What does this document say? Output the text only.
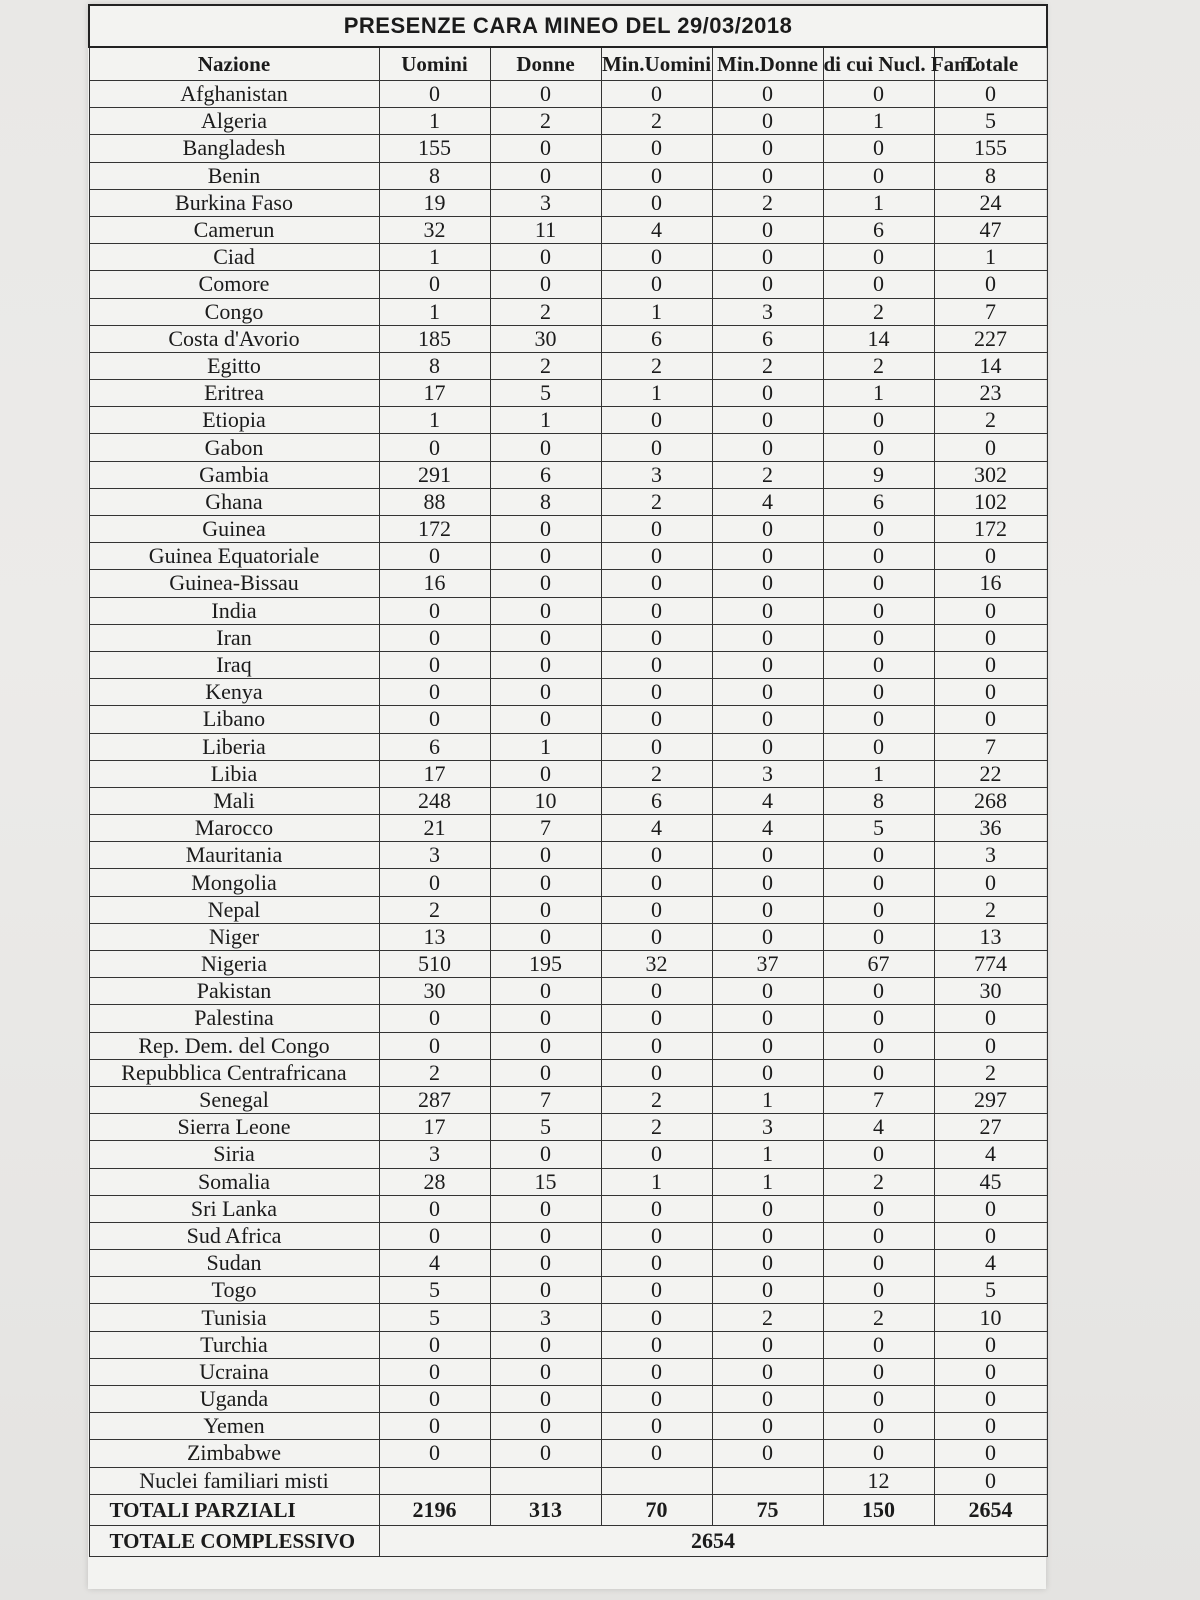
PRESENZE CARA MINEO DEL 29/03/2018						
Nazione	Uomini	Donne	Min.Uomini	Min.Donne	di cui Nucl. Fam.	Totale
Afghanistan	0	0	0	0	0	0
Algeria	1	2	2	0	1	5
Bangladesh	155	0	0	0	0	155
Benin	8	0	0	0	0	8
Burkina Faso	19	3	0	2	1	24
Camerun	32	11	4	0	6	47
Ciad	1	0	0	0	0	1
Comore	0	0	0	0	0	0
Congo	1	2	1	3	2	7
Costa d'Avorio	185	30	6	6	14	227
Egitto	8	2	2	2	2	14
Eritrea	17	5	1	0	1	23
Etiopia	1	1	0	0	0	2
Gabon	0	0	0	0	0	0
Gambia	291	6	3	2	9	302
Ghana	88	8	2	4	6	102
Guinea	172	0	0	0	0	172
Guinea Equatoriale	0	0	0	0	0	0
Guinea-Bissau	16	0	0	0	0	16
India	0	0	0	0	0	0
Iran	0	0	0	0	0	0
Iraq	0	0	0	0	0	0
Kenya	0	0	0	0	0	0
Libano	0	0	0	0	0	0
Liberia	6	1	0	0	0	7
Libia	17	0	2	3	1	22
Mali	248	10	6	4	8	268
Marocco	21	7	4	4	5	36
Mauritania	3	0	0	0	0	3
Mongolia	0	0	0	0	0	0
Nepal	2	0	0	0	0	2
Niger	13	0	0	0	0	13
Nigeria	510	195	32	37	67	774
Pakistan	30	0	0	0	0	30
Palestina	0	0	0	0	0	0
Rep. Dem. del Congo	0	0	0	0	0	0
Repubblica Centrafricana	2	0	0	0	0	2
Senegal	287	7	2	1	7	297
Sierra Leone	17	5	2	3	4	27
Siria	3	0	0	1	0	4
Somalia	28	15	1	1	2	45
Sri Lanka	0	0	0	0	0	0
Sud Africa	0	0	0	0	0	0
Sudan	4	0	0	0	0	4
Togo	5	0	0	0	0	5
Tunisia	5	3	0	2	2	10
Turchia	0	0	0	0	0	0
Ucraina	0	0	0	0	0	0
Uganda	0	0	0	0	0	0
Yemen	0	0	0	0	0	0
Zimbabwe	0	0	0	0	0	0
Nuclei familiari misti					12	0
TOTALI PARZIALI	2196	313	70	75	150	2654
TOTALE COMPLESSIVO	2654					
